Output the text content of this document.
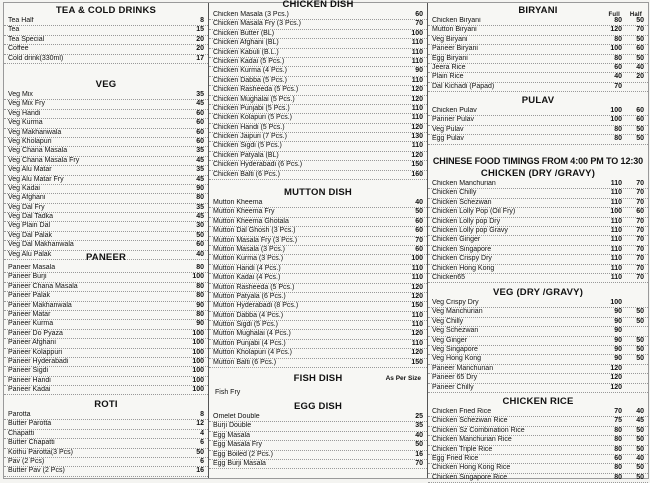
TEA & COLD DRINKS
Tea Half	8
Tea	15
Tea Special	20
Coffee	20
Cold drink(330ml)	17
VEG
Veg Mix	35
Veg Mix Fry	45
Veg Handi	60
Veg Kurma	60
Veg Makhanwala	60
Veg Kholapuri	60
Veg Chana Masala	35
Veg Chana Masala Fry	45
Veg Alu Matar	35
Veg Alu Matar Fry	45
Veg Kadai	90
Veg Afghani	80
Veg Dal Fry	35
Veg Dal Tadka	45
Veg Plain Dal	30
Veg Dal Palak	50
Veg Dal Makhanwala	60
Veg Alu Palak	40
PANEER
Paneer Masala	80
Paneer Burji	100
Paneer Chana Masala	80
Paneer Palak	80
Paneer Makhanwala	90
Paneer Matar	80
Paneer Kurma	90
Paneer Do Pyaza	100
Paneer Afghani	100
Paneer Kolappuri	100
Paneer Hyderabadi	100
Paneer Sigdi	100
Paneer Handi	100
Paneer Kadai	100
ROTI
Parotta	8
Butter Parotta	12
Chapatti	4
Butter Chapatti	6
Kothu Parotta(3 Pcs)	50
Pav (2 Pcs)	6
Butter Pav (2 Pcs)	16
CHICKEN DISH
Chicken Masala (3 Pcs.)	60
Chicken Masala Fry (3 Pcs.)	70
Chicken Butter (BL)	100
Chicken Afghani (BL)	110
Chicken Kabuli (B.L.)	110
Chicken Kadai (5 Pcs.)	110
Chicken Kurma (4 Pcs.)	90
Chicken Dabba (5 Pcs.)	110
Chicken Rasheeda (5 Pcs.)	120
Chicken Mughalai (5 Pcs.)	120
Chicken Punjabi (5 Pcs.)	110
Chicken Kolapuri (5 Pcs.)	110
Chicken Handi (5 Pcs.)	120
Chicken Jaipuri (7 Pcs.)	130
Chicken Sigdi (5 Pcs.)	110
Chicken Patyala (BL)	120
Chicken Hyderabadi (6 Pcs.)	150
Chicken Balti (6 Pcs.)	160
MUTTON DISH
Mutton Kheema	40
Mutton Kheema Fry	50
Mutton Kheema Ghotala	60
Mutton Dal Ghosh (3 Pcs.)	60
Mutton Masala Fry (3 Pcs.)	70
Mutton Masala (3 Pcs.)	60
Mutton Kurma (3 Pcs.)	100
Mutton Handi (4 Pcs.)	110
Mutton Kadai (4 Pcs.)	110
Mutton Rasheeda (5 Pcs.)	120
Mutton Patyala (6 Pcs.)	120
Mutton Hyderabadi (8 Pcs.)	150
Mutton Dabba (4 Pcs.)	110
Mutton Sigdi (5 Pcs.)	110
Mutton Mughalai (4 Pcs.)	120
Mutton Punjabi (4 Pcs.)	110
Mutton Kholapuri (4 Pcs.)	120
Mutton Balti (6 Pcs.)	150
FISH DISH	As Per Size
Fish Fry
EGG DISH
Omelet Double	25
Burji Double	35
Egg Masala	40
Egg Masala Fry	50
Egg Boiled (2 Pcs.)	16
Egg Burji Masala	70
BIRYANI	Full Half
Chicken Biryani	80	50
Mutton Biryani	120	70
Veg Biryani	80	50
Paneer Biryani	100	60
Egg Biryani	80	50
Jeera Rice	60	40
Plain Rice	40	20
Dal Kichadi (Papad)	70
PULAV
Chicken Pulav	100	60
Panner Pulav	100	60
Veg Pulav	80	50
Egg Pulav	80	50
CHINESE FOOD TIMINGS FROM 4:00 PM TO 12:30
CHICKEN (DRY /GRAVY)
Chicken Manchurian	110	70
Chicken Chilly	110	70
Chicken Schezwan	110	70
Chicken Lolly Pop (Oil Fry)	100	60
Chicken Lolly pop Dry	110	70
Chicken Lolly pop Gravy	110	70
Chicken Ginger	110	70
Chicken Singapore	110	70
Chicken Crispy Dry	110	70
Chicken Hong Kong	110	70
Chicken65	110	70
VEG (DRY /GRAVY)
Veg Crispy Dry	100
Veg Manchurian	90	50
Veg Chilly	90	50
Veg Schezwan	90
Veg Ginger	90	50
Veg Singapore	90	50
Veg Hong Kong	90	50
Paneer Manchurian	120
Paneer 65 Dry	120
Paneer Chilly	120
CHICKEN RICE
Chicken Fried Rice	70	40
Chicken Schezwan Rice	75	45
Chicken Sz Combination Rice	80	50
Chicken Manchurian Rice	80	50
Chicken Triple Rice	80	50
Egg Fried Rice	60	40
Chicken Hong Kong Rice	80	50
Chicken Singapore Rice	80	50
